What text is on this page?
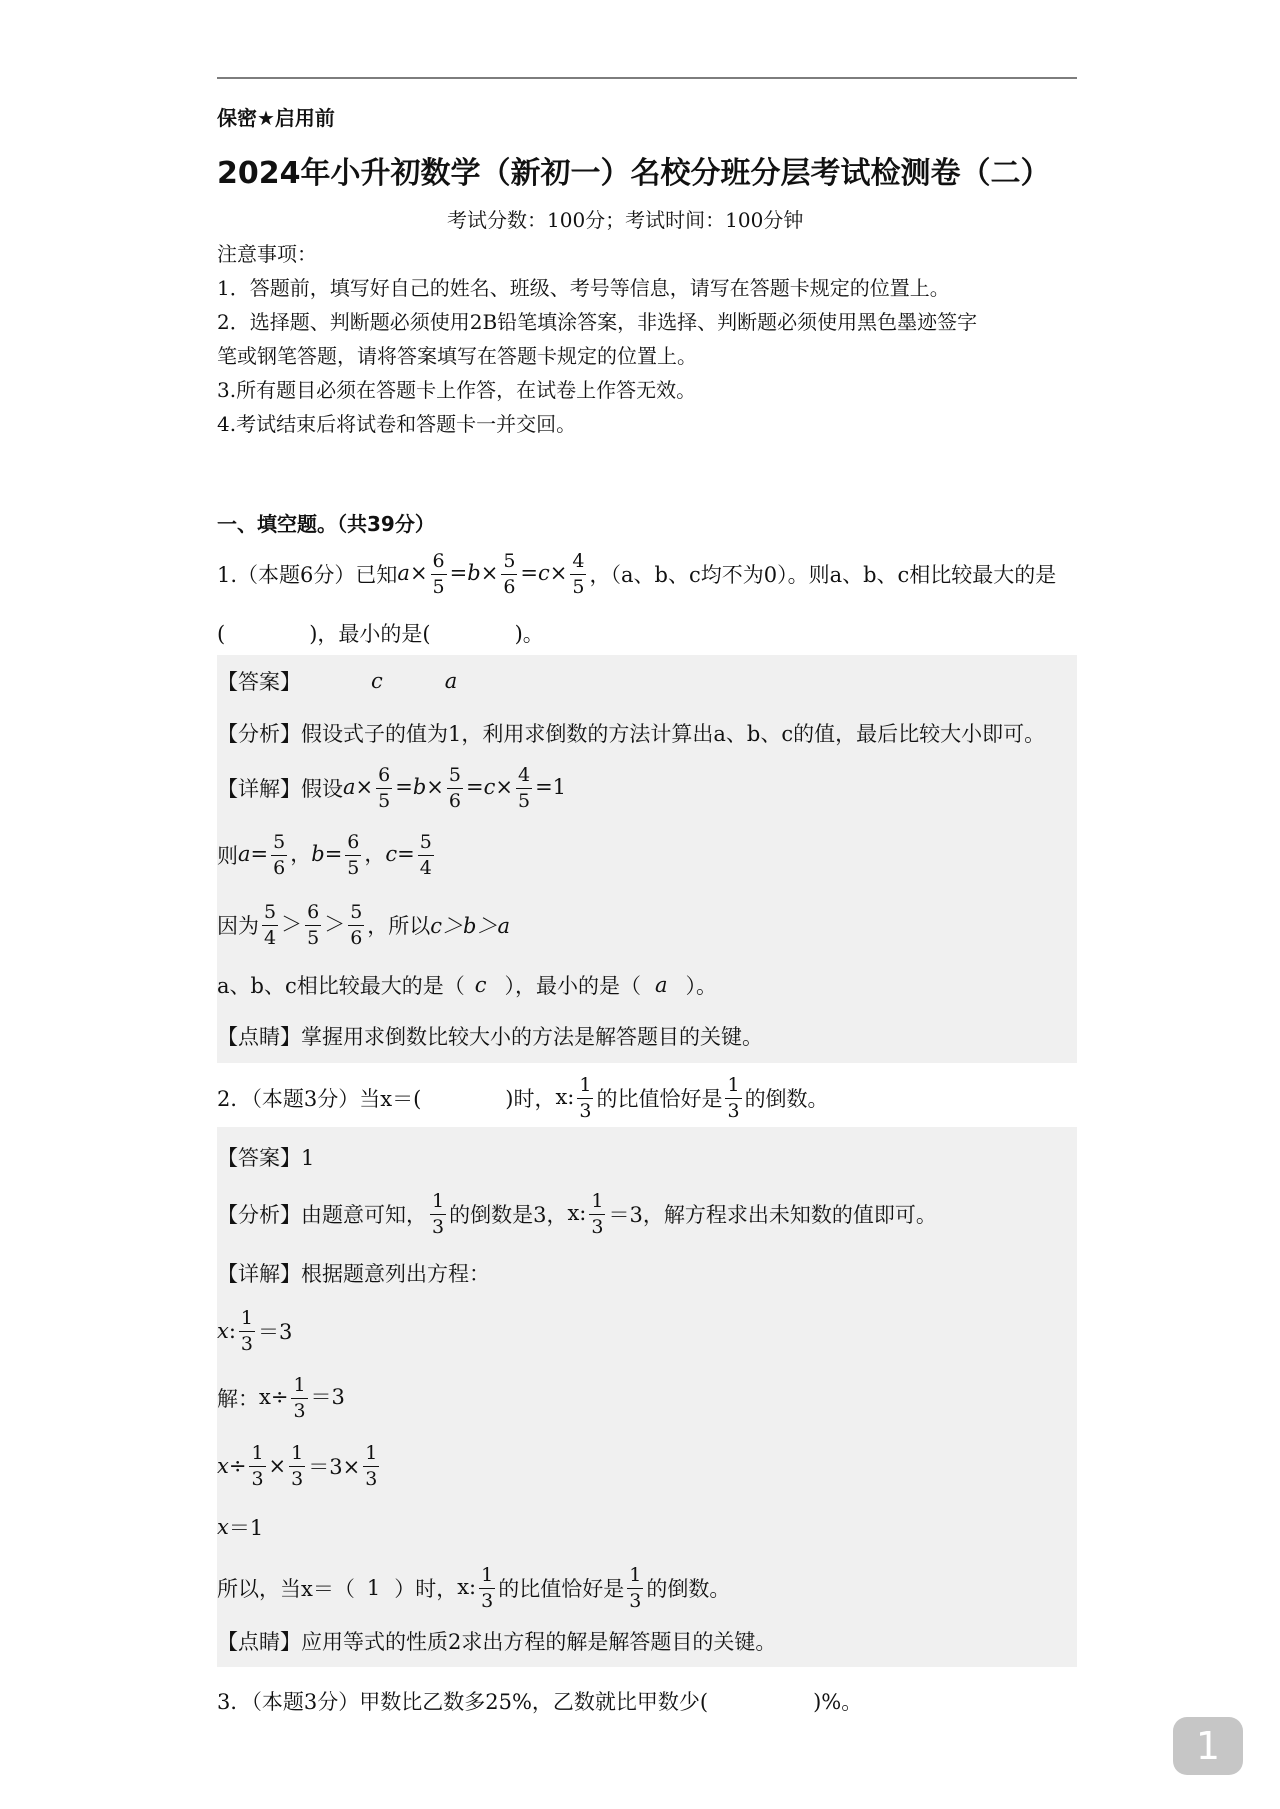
保密★启用前
2024年小升初数学（新初一）名校分班分层考试检测卷（二）
考试分数：100分；考试时间：100分钟
注意事项：
1．答题前，填写好自己的姓名、班级、考号等信息，请写在答题卡规定的位置上。
2．选择题、判断题必须使用2B铅笔填涂答案，非选择、判断题必须使用黑色墨迹签字
笔或钢笔答题，请将答案填写在答题卡规定的位置上。
3.所有题目必须在答题卡上作答，在试卷上作答无效。
4.考试结束后将试卷和答题卡一并交回。
一、填空题。（共39分）
1.（本题6分）已知 $a\times \frac{6}{5} =b\times \frac{5}{6} =c\times \frac{4}{5}$ ，（a、b、c均不为0）。则a、b、c相比较最大的是
(　　　　)，最小的是(　　　　)。
【答案】	c	a
【分析】假设式子的值为1，利用求倒数的方法计算出a、b、c的值，最后比较大小即可。
【详解】假设 $a\times \frac{6}{5} =b\times \frac{5}{6} =c\times \frac{4}{5} =1$
则 $a= \frac{5}{6}$ ，$b= \frac{6}{5}$ ，$c= \frac{5}{4}$
因为 $\frac{5}{4} > \frac{6}{5} > \frac{5}{6}$ ，所以 c＞b＞a
a、b、c相比较最大的是（ c ），最小的是（ a ）。
【点睛】掌握用求倒数比较大小的方法是解答题目的关键。
2．（本题3分）当x＝(　　　　)时， x: $\frac{1}{3}$ 的比值恰好是 $\frac{1}{3}$ 的倒数。
【答案】1
【分析】由题意可知， $\frac{1}{3}$ 的倒数是3， x: $\frac{1}{3} =3$，解方程求出未知数的值即可。
【详解】根据题意列出方程：
x : $\frac{1}{3} =3$
解： $x\div \frac{1}{3} =3$
$x \div \frac{1}{3} \times \frac{1}{3} =3\times \frac{1}{3}$
x ＝1
所以，当x＝（ 1 ）时， x: $\frac{1}{3}$ 的比值恰好是 $\frac{1}{3}$ 的倒数。
【点睛】应用等式的性质2求出方程的解是解答题目的关键。
3．（本题3分）甲数比乙数多25%，乙数就比甲数少(　　　　　)%。
1
